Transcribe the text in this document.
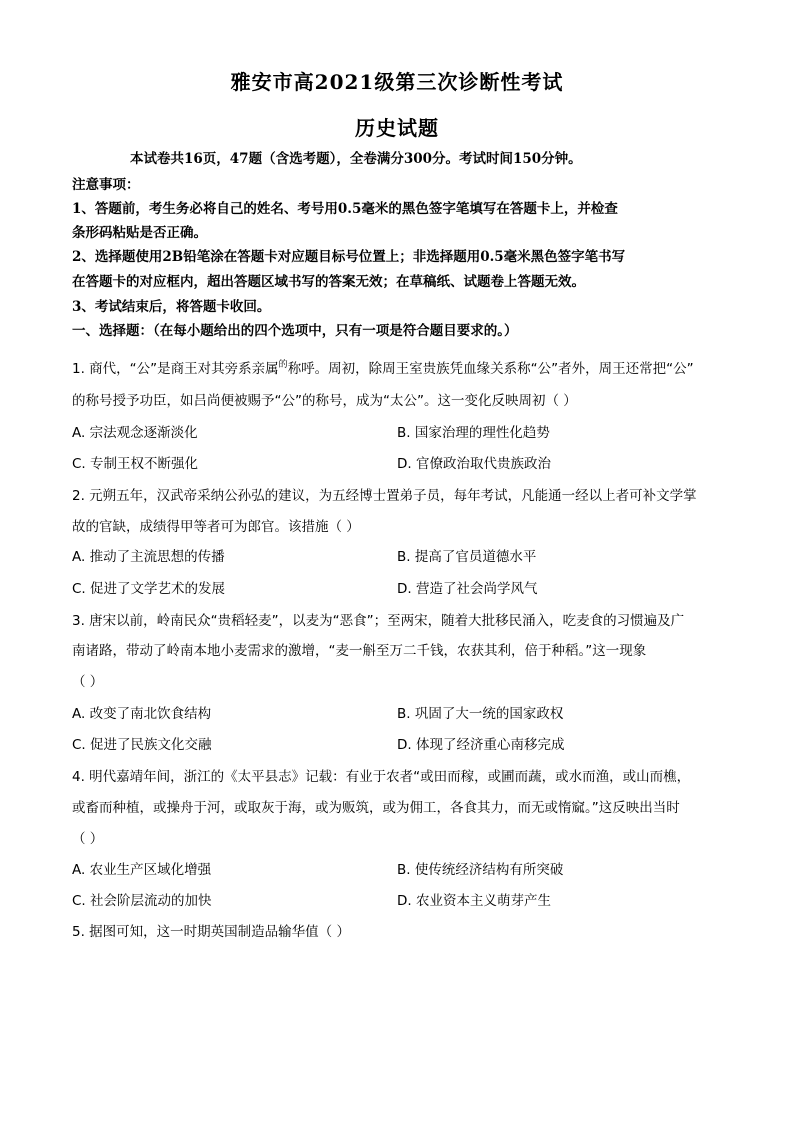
雅安市高2021级第三次诊断性考试
历史试题
本试卷共16页，47题（含选考题），全卷满分300分。考试时间150分钟。
注意事项：
1、答题前，考生务必将自己的姓名、考号用0.5毫米的黑色签字笔填写在答题卡上，并检查
条形码粘贴是否正确。
2、选择题使用2B铅笔涂在答题卡对应题目标号位置上；非选择题用0.5毫米黑色签字笔书写
在答题卡的对应框内，超出答题区域书写的答案无效；在草稿纸、试题卷上答题无效。
3、考试结束后，将答题卡收回。
一、选择题：（在每小题给出的四个选项中，只有一项是符合题目要求的。）
1. 商代，“公”是商王对其旁系亲属$^的$称呼。周初，除周王室贵族凭血缘关系称“公”者外，周王还常把“公”
的称号授予功臣，如吕尚便被赐予“公”的称号，成为“太公”。这一变化反映周初（ ）
A. 宗法观念逐渐淡化	B. 国家治理的理性化趋势
C. 专制王权不断强化	D. 官僚政治取代贵族政治
2. 元朔五年，汉武帝采纳公孙弘的建议，为五经博士置弟子员，每年考试，凡能通一经以上者可补文学掌
故的官缺，成绩得甲等者可为郎官。该措施（ ）
A. 推动了主流思想的传播	B. 提高了官员道德水平
C. 促进了文学艺术的发展	D. 营造了社会尚学风气
3. 唐宋以前，岭南民众“贵稻轻麦”，以麦为“恶食”；至两宋，随着大批移民涌入，吃麦食的习惯遍及广
南诸路，带动了岭南本地小麦需求的激增，“麦一斛至万二千钱，农获其利，倍于种稻。”这一现象
（ ）
A. 改变了南北饮食结构	B. 巩固了大一统的国家政权
C. 促进了民族文化交融	D. 体现了经济重心南移完成
4. 明代嘉靖年间，浙江的《太平县志》记载：有业于农者“或田而稼，或圃而蔬，或水而渔，或山而樵，
或畜而种植，或操舟于河，或取灰于海，或为贩筑，或为佣工，各食其力，而无或惰窳。”这反映出当时
（ ）
A. 农业生产区域化增强	B. 使传统经济结构有所突破
C. 社会阶层流动的加快	D. 农业资本主义萌芽产生
5. 据图可知，这一时期英国制造品输华值（ ）
